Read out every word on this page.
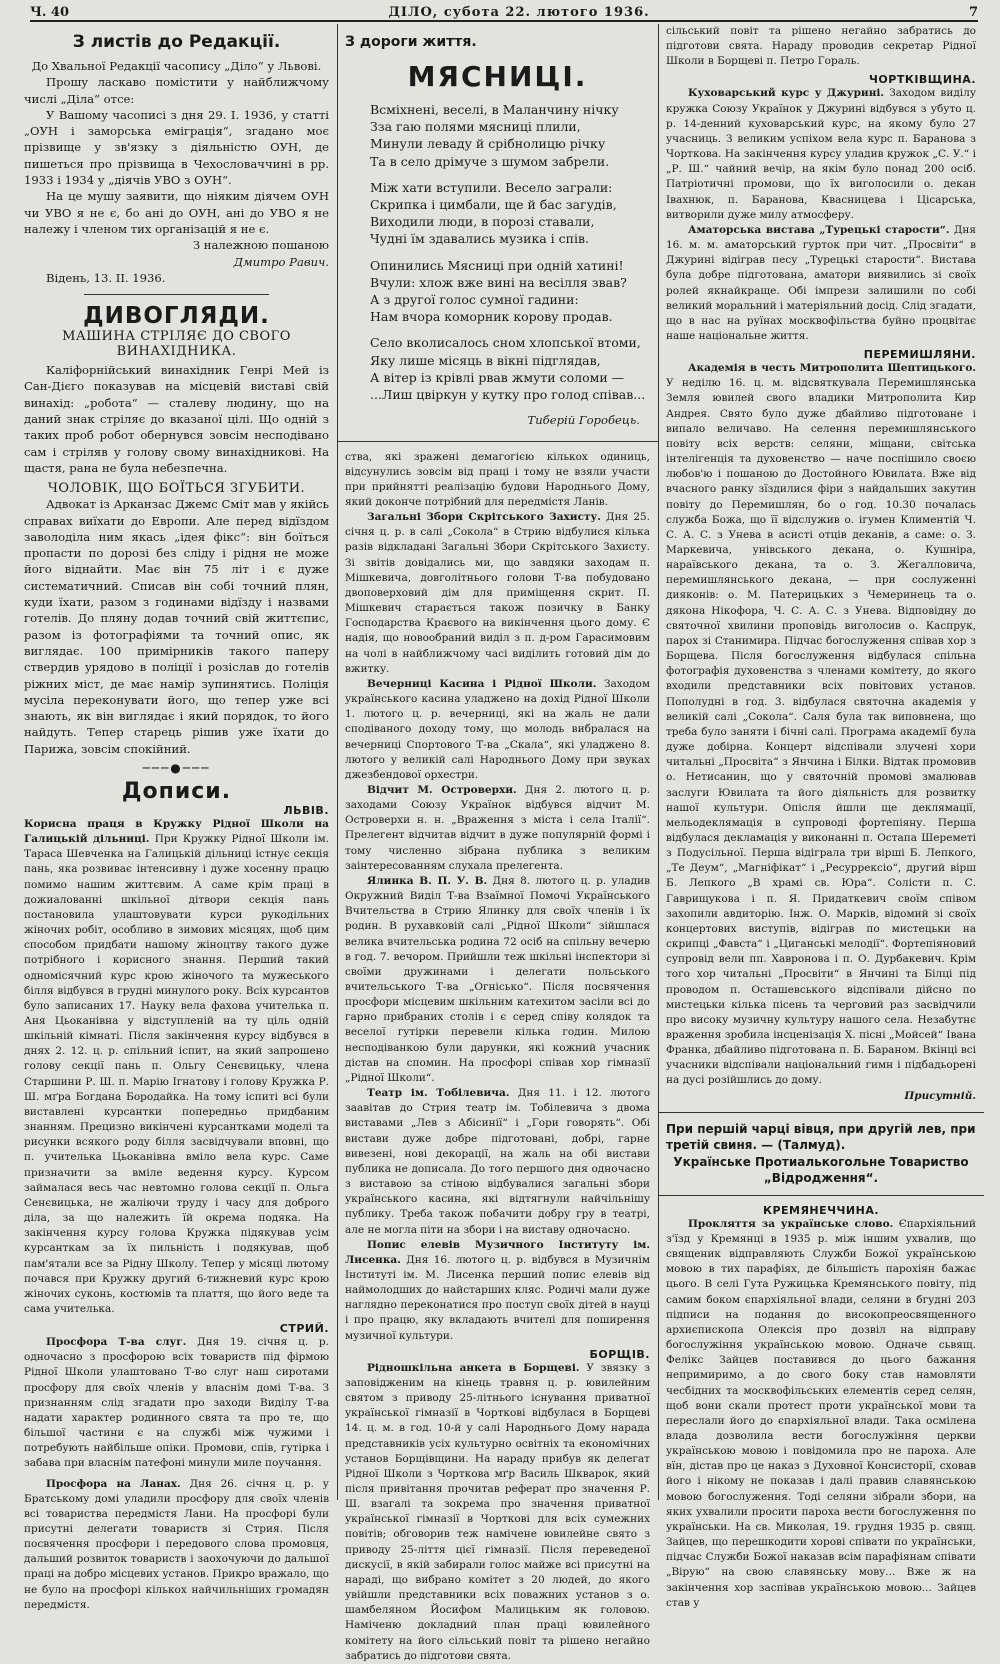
Ч. 40	ДІЛО, субота 22. лютого 1936.	7
З листів до Редакції.

До Хвальної Редакції часопису „Діло“ у Львові.

Прошу ласкаво помістити у найближчому числі „Діла“ отсе:

У Вашому часописі з дня 29. І. 1936, у статті „ОУН і заморська еміграція“, згадано моє прізвище у зв'язку з діяльністю ОУН, де пишеться про прізвища в Чехословаччині в рр. 1933 і 1934 у „діячів УВО з ОУН“.

На це мушу заявити, що ніяким діячем ОУН чи УВО я не є, бо ані до ОУН, ані до УВО я не належу і членом тих організацій я не є.

З належною пошаною

Дмитро Равич.

Відень, 13. ІІ. 1936.

ДИВОГЛЯДИ.
МАШИНА СТРІЛЯЄ ДО СВОГО ВИНАХІДНИКА.

Каліфорнійський винахідник Генрі Мей із Сан-Дієго показував на місцевій виставі свій винахід: „робота“ — сталеву людину, що на даний знак стріляє до вказаної цілі. Що одній з таких проб робот обернувся зовсім несподівано сам і стріляв у голову свому винахідникові. На щастя, рана не була небезпечна.

ЧОЛОВІК, ЩО БОЇТЬСЯ ЗГУБИТИ.

Адвокат із Арканзас Джемс Сміт мав у якійсь справах виїхати до Европи. Але перед відїздом заволоділа ним якась „ідея фікс“: він боїться пропасти по дорозі без сліду і рідня не може його віднайти. Має він 75 літ і є дуже систематичний. Списав він собі точний плян, куди їхати, разом з годинами відїзду і назвами готелів. До пляну додав точний свій життєпис, разом із фотографіями та точний опис, як виглядає. 100 примірників такого паперу ствердив урядово в поліції і розіслав до готелів ріжних міст, де має намір зупинятись. Поліція мусіла переконувати його, що тепер уже всі знають, як він виглядає і який порядок, то його найдуть. Тепер старець рішив уже їхати до Парижа, зовсім спокійний.

───●───
Дописи.
ЛЬВІВ.

Корисна праця в Кружку Рідної Школи на Галицькій дільниці. При Кружку Рідної Школи ім. Тараса Шевченка на Галицькій дільниці істнує секція пань, яка розвиває інтенсивну і дуже хосенну працю помимо нашим життєвим. А саме крім праці в дожиалованні шкільної дітвори секція пань постановила улаштовувати курси рукодільних жіночих робіт, особливо в зимових місяцях, щоб цим способом придбати нашому жіноцтву такого дуже потрібного і корисного знання. Перший такий одномісячний курс крою жіночого та мужеського білля відбувся в грудні минулого року. Всіх курсантов було записаних 17. Науку вела фахова учителька п. Аня Цьоканівна у відступленій на ту ціль одній шкільній кімнаті. Після закінчення курсу відбувся в днях 2. 12. ц. р. спільний іспит, на який запрошено голову секції пань п. Ольгу Сенєвицьку, члена Старшини Р. Ш. п. Марію Ігнатову і голову Кружка Р. Ш. мґра Богдана Бородайка. На тому іспиті всі були виставлені курсантки попередньо придбаним знанням. Прецизно викінчені курсантками моделі та рисунки всякого роду білля засвідчували вповні, що п. учителька Цьоканівна вміло вела курс. Саме призначити за вміле ведення курсу. Курсом займалася весь час невтомно голова секції п. Ольга Сенєвицька, не жаліючи труду і часу для доброго діла, за що належить їй окрема подяка. На закінчення курсу голова Кружка підякував усім курсанткам за їх пильність і подякував, щоб пам'ятали все за Рідну Школу. Тепер у місяці лютому почався при Кружку другий 6-тижневий курс крою жіночих суконь, костюмів та плаття, що його веде та сама учителька.

СТРИЙ.

Просфора Т-ва слуг. Дня 19. січня ц. р. одночасно з просфорою всіх товариств під фірмою Рідної Школи улаштовано Т-во слуг наш сиротами просфору для своїх членів у власнім домі Т-ва. З признанням слід згадати про заходи Виділу Т-ва надати характер родинного свята та про те, що більшої частини є на службі між чужими і потребують найбільше опіки. Промови, спів, гутірка і забава при власнім патефоні минули миле поучання.

Просфора на Ланах. Дня 26. січня ц. р. у Братському домі уладили просфору для своїх членів всі товариства передмістя Лани. На просфорі були присутні делегати товариств зі Стрия. Після посвячення просфори і передового слова промовця, дальший розвиток товариств і заохочуючи до дальшої праці на добро місцевих установ. Прикро вражало, що не було на просфорі кількох найчильніших громадян передмістя.

З дороги життя.
МЯСНИЦІ.
Всміхнені, веселі, в Маланчину нічку
Зза гаю полями мясниці плили,
Минули леваду й срібнолицю річку
Та в село дрімуче з шумом забрели.
Між хати вступили. Весело заграли:
Скрипка і цимбали, ще й бас загудів,
Виходили люди, в порозі ставали,
Чудні їм здавались музика і спів.
Опинились Мясниці при одній хатині!
Вчули: хлож вже вині на весілля звав?
А з другої голос сумної гадини:
Нам вчора коморник корову продав.
Село вколисалось сном хлопської втоми,
Яку лише місяць в вікні підглядав,
А вітер із крівлі рвав жмути соломи —
...Лиш цвіркун у кутку про голод співав...

Тиберій Горобець.

ства, які зражені демагогією кількох одиниць, відсунулись зовсім від праці і тому не взяли участи при прийнятті реалізацію будови Народнього Дому, який доконче потрібний для передмістя Ланів.

Загальні Збори Скрітського Захисту. Дня 25. січня ц. р. в салі „Сокола“ в Стрию відбулися кілька разів відкладані Загальні Збори Скрітського Захисту. Зі звітів довідались ми, що завдяки заходам п. Мішкевича, довголітнього голови Т-ва побудовано двоповерховий дім для приміщення скрит. П. Мішкевич старається також позичку в Банку Господарства Краєвого на викінчення цього дому. Є надія, що новообраний виділ з п. д-ром Гарасимовим на чолі в найближчому часі виділить готовий дім до вжитку.

Вечерниці Касина і Рідної Школи. Заходом українського касина уладжено на дохід Рідної Школи 1. лютого ц. р. вечерниці, які на жаль не дали сподіваного доходу тому, що молодь вибралася на вечерниці Спортового Т-ва „Скала“, які уладжено 8. лютого у великій салі Народнього Дому при звуках джезбендової орхестри.

Відчит М. Островерхи. Дня 2. лютого ц. р. заходами Союзу Українок відбувся відчит М. Островерхи н. н. „Враження з міста і села Італії“. Прелегент відчитав відчит в дуже популярній формі і тому численно зібрана публика з великим заінтересованням слухала прелегента.

Ялинка В. П. У. В. Дня 8. лютого ц. р. уладив Окружний Виділ Т-ва Взаїмної Помочі Українського Вчительства в Стрию Ялинку для своїх членів і їх родин. В рухавковій салі „Рідної Школи“ зійшлася велика вчительська родина 72 осіб на спільну вечерю в год. 7. вечором. Прийшли теж шкільні інспектори зі своїми дружинами і делегати польського вчительського Т-ва „Огнісько“. Після посвячення просфори місцевим шкільним катехитом засіли всі до гарно прибраних столів і є серед співу колядок та веселої гутірки перевели кілька годин. Милою несподіванкою були дарунки, які кожний учасник дістав на спомин. На просфорі співав хор гімназії „Рідної Школи“.

Театр ім. Тобілевича. Дня 11. і 12. лютого заавітав до Стрия театр ім. Тобілевича з двома виставами „Лев з Абісинії“ і „Гори говорять“. Обі вистави дуже добре підготовані, добрі, гарне вивезені, нові декорації, на жаль на обі вистави публика не дописала. До того першого дня одночасно з виставою за стіною відбувалися загальні збори українського касина, які відтягнули найчільнішу публику. Треба також побачити добру гру в театрі, але не могла піти на збори і на виставу одночасно.

Попис елевів Музичного Інституту ім. Лисенка. Дня 16. лютого ц. р. відбувся в Музичнім Інституті ім. М. Лисенка перший попис елевів від наймолодших до найстарших кляс. Родичі мали дуже наглядно переконатися про поступ своїх дітей в науці і про працю, яку вкладають вчителі для поширення музичної культури.

БОРЩІВ.

Рідношкільна анкета в Борщеві. У звязку з заповідженим на кінець травня ц. р. ювилейним святом з приводу 25-літнього існування приватної української гімназії в Чорткові відбулася в Борщеві 14. ц. м. в год. 10-й у салі Народнього Дому нарада представників усіх культурно освітніх та економічних установ Борщівщини. На нараду прибув як делегат Рідної Школи з Чорткова мґр Василь Шкварок, який після привітання прочитав реферат про значення Р. Ш. взагалі та зокрема про значення приватної української гімназії в Чорткові для всіх сумежних повітів; обговорив теж намічене ювилейне свято з приводу 25-ліття цієї гімназії. Після переведеної дискусії, в якій забирали голос майже всі присутні на нараді, що вибрано комітет з 20 людей, до якого увійшли представники всіх поважних установ з о. шамбеляном Йосифом Малицьким як головою. Наміченю докладний план праці ювилейного комітету на його сільський повіт та рішено негайно забратись до підготови свята.

сільський повіт та рішено негайно забратись до підготови свята. Нараду проводив секретар Рідної Школи в Борщеві п. Петро Гораль.

ЧОРТКІВЩИНА.

Куховарський курс у Джурині. Заходом виділу кружка Союзу Українок у Джурині відбувся з убуто ц. р. 14-денний куховарський курс, на якому було 27 учасниць. З великим успіхом вела курс п. Баранова з Чорткова. На закінчення курсу уладив кружок „С. У.“ і „Р. Ш.“ чайний вечір, на якім було понад 200 осіб. Патріотичні промови, що їх виголосили о. декан Івахнюк, п. Баранова, Квасницева і Цісарська, витворили дуже милу атмосферу.

Аматорська вистава „Турецькі старости“. Дня 16. м. м. аматорський гурток при чит. „Просвіти“ в Джурині відіграв песу „Турецькі старости“. Вистава була добре підготована, аматори виявились зі своїх ролей якнайкраще. Обі імпрези залишили по собі великий моральний і матеріяльний досід. Слід згадати, що в нас на руїнах москвофільства буйно процвітає наше національне життя.

ПЕРЕМИШЛЯНИ.

Академія в честь Митрополита Шептицького. У неділю 16. ц. м. відсвяткувала Перемишлянська Земля ювилей свого владики Митрополита Кир Андрея. Свято було дуже дбайливо підготоване і випало величаво. На селення перемишлянського повіту всіх верств: селяни, міщани, світська інтелігенція та духовенство — наче поспішило своєю любов'ю і пошаною до Достойного Ювилата. Вже від вчасного ранку зїздилися фіри з найдальших закутин повіту до Перемишлян, бо о год. 10.30 почалась служба Божа, що її відслужив о. ігумен Климентій Ч. С. А. С. з Унева в асисті отців деканів, а саме: о. З. Маркевича, унівського декана, о. Кушніра, нараївського декана, та о. З. Жегалловича, перемишлянського декана, — при сослуженні дияконів: о. М. Патерицьких з Чемеринець та о. дякона Нікофора, Ч. С. А. С. з Унева. Відповідну до святочної хвилини проповідь виголосив о. Каспрук, парох зі Станимира. Підчас богослуження співав хор з Борщева. Після богослуження відбулася спільна фотографія духовенства з членами комітету, до якого входили представники всіх повітових установ. Пополудні в год. 3. відбулася святочна академія у великій салі „Сокола“. Саля була так виповнена, що треба було заняти і бічні салі. Програма академії була дуже добірна. Концерт відспівали злучені хори читальні „Просвіта“ з Янчина і Білки. Відтак промовив о. Нетисанин, що у святочній промові змалював заслуги Ювилата та його діяльність для розвитку нашої культури. Опісля йшли ще деклямації, мельодеклямація в супроводі фортепіяну. Перша відбулася декламація у виконанні п. Остапа Шереметі з Подусільної. Перша відіграла три вірші Б. Лепкого, „Те Деум“, „Магніфікат“ і „Ресуррексіо“, другий вірш Б. Лепкого „В храмі св. Юра“. Солісти п. С. Гаврищукова і п. Я. Придаткевич своїм співом захопили авдиторію. Інж. О. Марків, відомий зі своїх концертових виступів, відіграв по мистецьки на скрипці „Фавста“ і „Циганські мелодії“. Фортепіяновий супровід вели пп. Хавронова і п. О. Дурбакевич. Крім того хор читальні „Просвіти“ в Янчині та Білці під проводом п. Осташевського відспівали дійсно по мистецьки кілька пісень та черговий раз засвідчили про високу музичну культуру нашого села. Незабутнє враження зробила інсценізація Х. пісні „Мойсей“ Івана Франка, дбайливо підготована п. Б. Бараном. Вкінці всі учасники відспівали національний гимн і підбадьорені на дусі розійшлись до дому.

Присутній.

При першій чарці вівця, при другій лев, при третій свиня. — (Талмуд).

Українське Протиалькогольне Товариство „Відродження“.

КРЕМЯНЕЧЧИНА.

Прокляття за українське слово. Єпархіяльний з'їзд у Кремянці в 1935 р. між іншим ухвалив, що священик відправляють Служби Божої українською мовою в тих парафіях, де більшість парохіян бажає цього. В селі Гута Ружицька Кремянського повіту, під самим боком єпархіяльної влади, селяни в бгудні 203 підписи на подання до високопреосвященного архиєпископа Олексія про дозвіл на відправу богослужіння українською мовою. Одначе сьвящ. Фелікс Зайцев поставився до цього бажання непримиримо, а до свого боку став намовляти чесбідних та москвофільських елементів серед селян, щоб вони скали протест проти української мови та переслали його до єпархіяльної влади. Така осмілена влада дозволила вести богослужіння церкви українською мовою і повідомила про не пароха. Але вїн, дістав про це наказ з Духовної Консисторії, сховав його і нікому не показав і далі правив славянською мовою богослуження. Тоді селяни зібрали збори, на яких ухвалили просити пароха вести богослуження по українськи. На св. Миколая, 19. грудня 1935 р. свящ. Зайцев, що перешкодити хорові співати по українськи, підчас Служби Божої наказав всім парафіянам співати „Вірую“ на свою славянську мову... Вже ж на закінчення хор заспівав українською мовою... Зайцев став у
